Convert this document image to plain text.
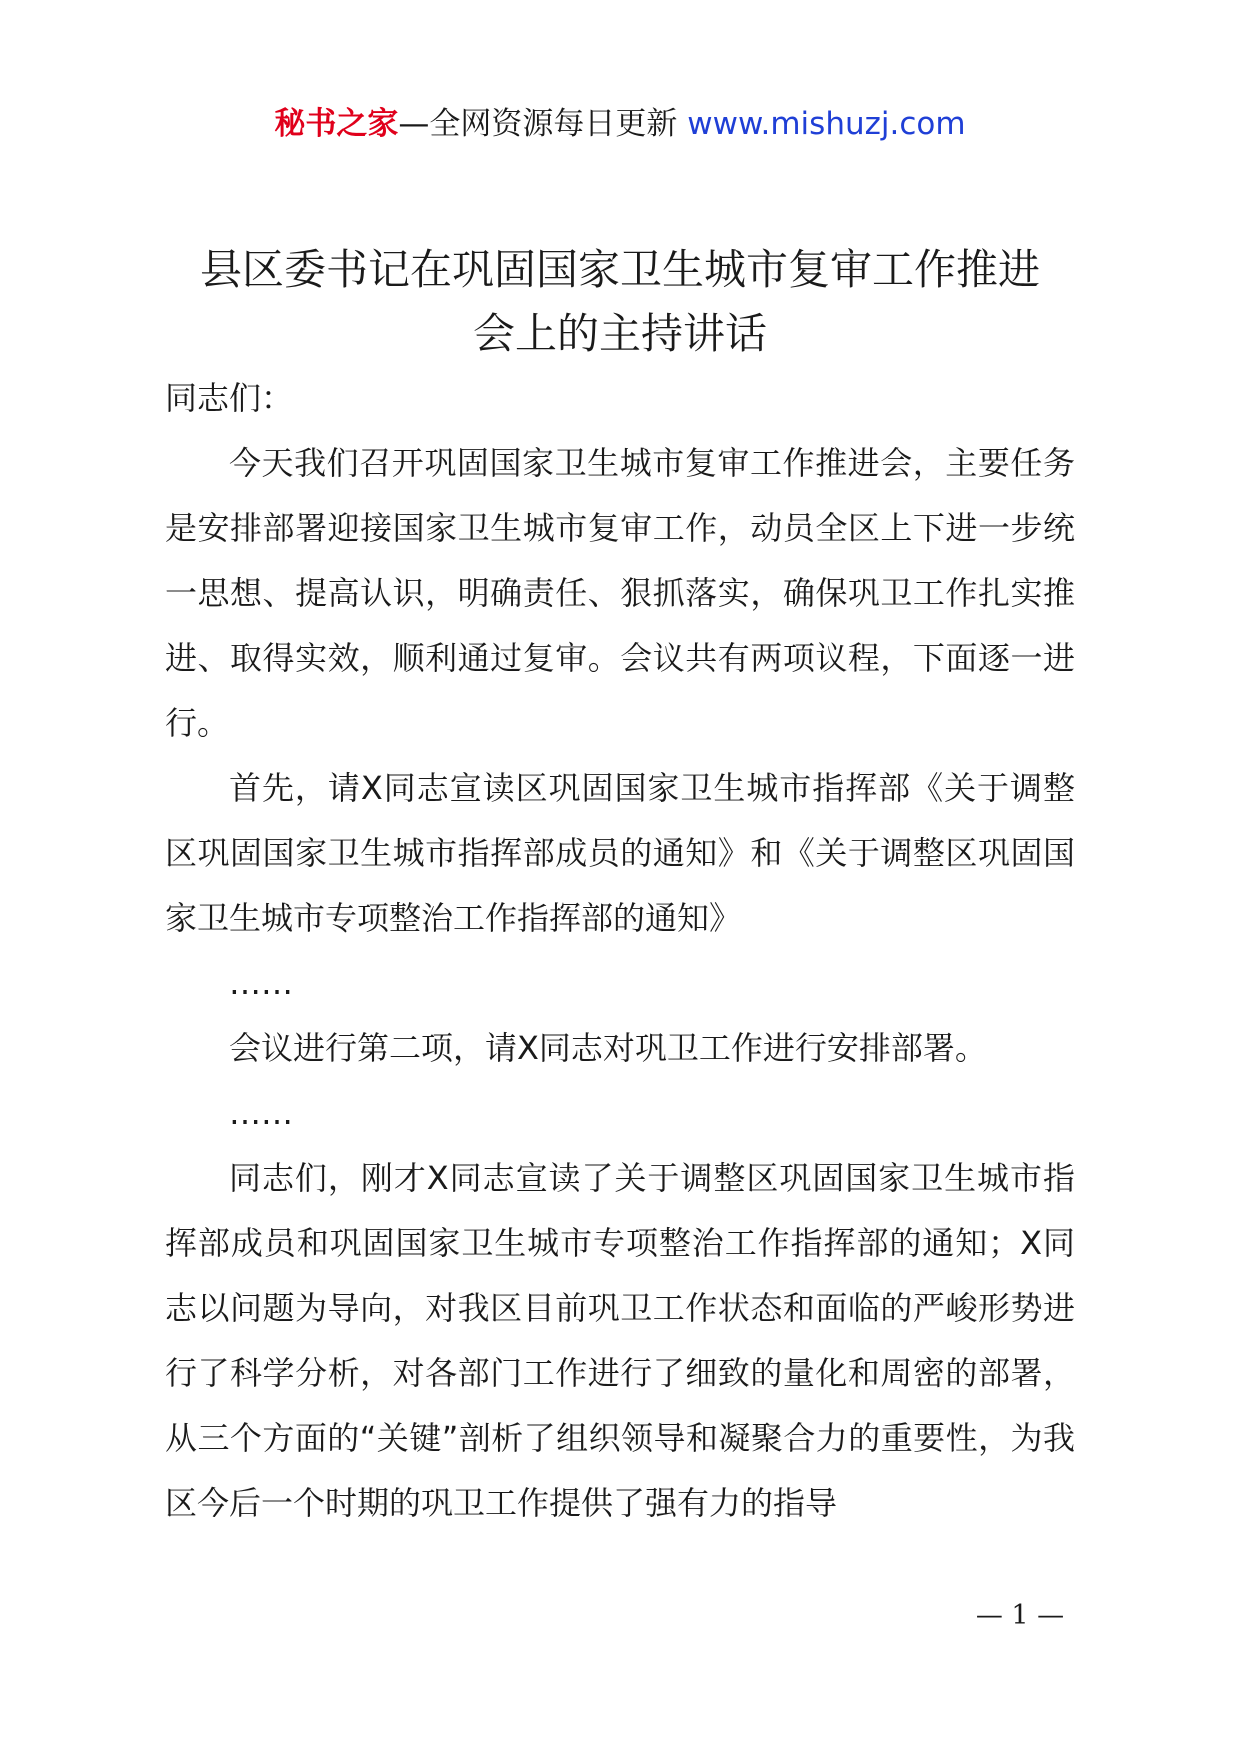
秘书之家—全网资源每日更新 www.mishuzj.com
县区委书记在巩固国家卫生城市复审工作推进
会上的主持讲话

同志们：

今天我们召开巩固国家卫生城市复审工作推进会，主要任务是安排部署迎接国家卫生城市复审工作，动员全区上下进一步统一思想、提高认识，明确责任、狠抓落实，确保巩卫工作扎实推进、取得实效，顺利通过复审。会议共有两项议程，下面逐一进行。

首先，请X同志宣读区巩固国家卫生城市指挥部《关于调整区巩固国家卫生城市指挥部成员的通知》和《关于调整区巩固国家卫生城市专项整治工作指挥部的通知》

……

会议进行第二项，请X同志对巩卫工作进行安排部署。

……

同志们，刚才X同志宣读了关于调整区巩固国家卫生城市指挥部成员和巩固国家卫生城市专项整治工作指挥部的通知；X同志以问题为导向，对我区目前巩卫工作状态和面临的严峻形势进行了科学分析，对各部门工作进行了细致的量化和周密的部署，从三个方面的“关键”剖析了组织领导和凝聚合力的重要性，为我区今后一个时期的巩卫工作提供了强有力的指导

— 1 —
